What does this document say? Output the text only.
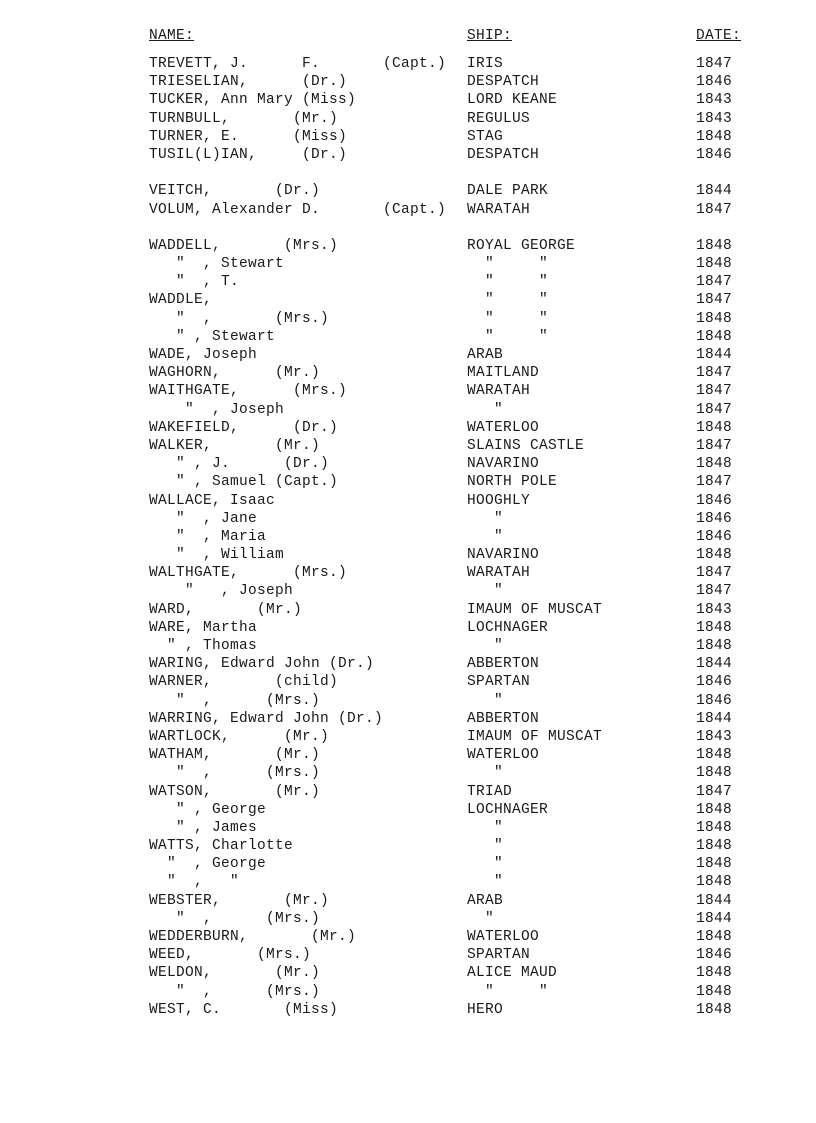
NAME:	SHIP:	DATE:
TREVETT, J.      F.       (Capt.) IRIS	1847
TRIESELIAN,      (Dr.)	DESPATCH	1846
TUCKER, Ann Mary (Miss)	LORD KEANE	1843
TURNBULL,       (Mr.)	REGULUS	1843
TURNER, E.      (Miss)	STAG	1848
TUSIL(L)IAN,     (Dr.)	DESPATCH	1846
VEITCH,       (Dr.)	DALE PARK	1844
VOLUM, Alexander D.       (Capt.) WARATAH	1847
WADDELL,       (Mrs.)	ROYAL GEORGE	1848
"  , Stewart	"     "	1848
"  , T.	"     "	1847
WADDLE,	"     "	1847
"  ,       (Mrs.)	"     "	1848
" , Stewart	"     "	1848
WADE, Joseph	ARAB	1844
WAGHORN,      (Mr.)	MAITLAND	1847
WAITHGATE,      (Mrs.)	WARATAH	1847
"  , Joseph	"	1847
WAKEFIELD,      (Dr.)	WATERLOO	1848
WALKER,       (Mr.)	SLAINS CASTLE	1847
" , J.      (Dr.)	NAVARINO	1848
" , Samuel (Capt.)	NORTH POLE	1847
WALLACE, Isaac	HOOGHLY	1846
"  , Jane	"	1846
"  , Maria	"	1846
"  , William	NAVARINO	1848
WALTHGATE,      (Mrs.)	WARATAH	1847
"   , Joseph	"	1847
WARD,       (Mr.)	IMAUM OF MUSCAT	1843
WARE, Martha	LOCHNAGER	1848
" , Thomas	"	1848
WARING, Edward John (Dr.)	ABBERTON	1844
WARNER,       (child)	SPARTAN	1846
"  ,      (Mrs.)	"	1846
WARRING, Edward John (Dr.)	ABBERTON	1844
WARTLOCK,      (Mr.)	IMAUM OF MUSCAT	1843
WATHAM,       (Mr.)	WATERLOO	1848
"  ,      (Mrs.)	"	1848
WATSON,       (Mr.)	TRIAD	1847
" , George	LOCHNAGER	1848
" , James	"	1848
WATTS, Charlotte	"	1848
"  , George	"	1848
"  ,   "	"	1848
WEBSTER,       (Mr.)	ARAB	1844
"  ,      (Mrs.)	"	1844
WEDDERBURN,       (Mr.)	WATERLOO	1848
WEED,       (Mrs.)	SPARTAN	1846
WELDON,       (Mr.)	ALICE MAUD	1848
"  ,      (Mrs.)	"     "	1848
WEST, C.       (Miss)	HERO	1848
